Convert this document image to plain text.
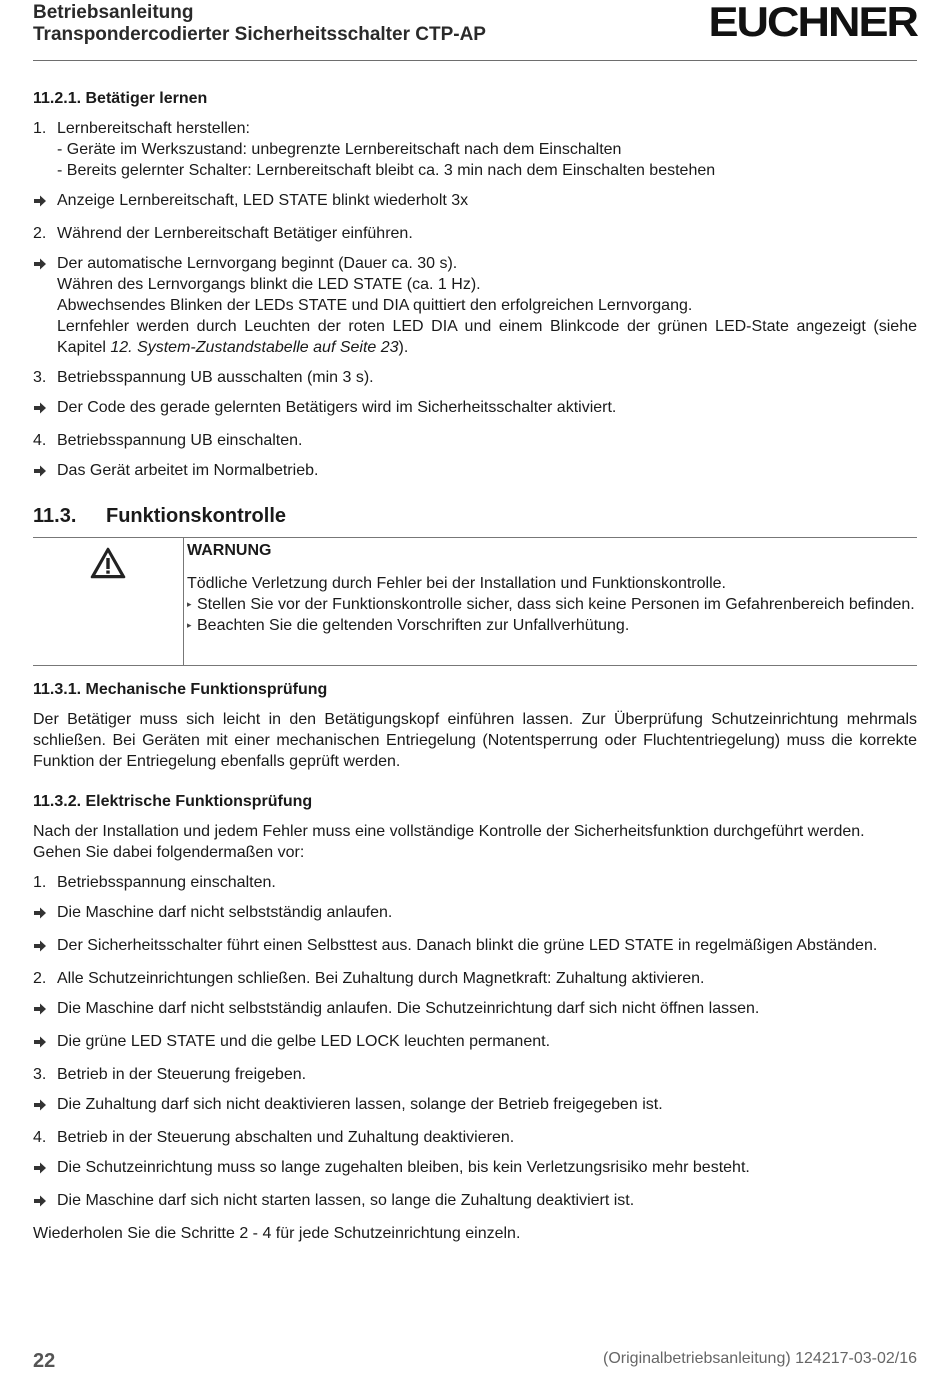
Betriebsanleitung
Transpondercodierter Sicherheitsschalter CTP-AP	EUCHNER
11.2.1. Betätiger lernen
1. Lernbereitschaft herstellen:
- Geräte im Werkszustand: unbegrenzte Lernbereitschaft nach dem Einschalten
- Bereits gelernter Schalter: Lernbereitschaft bleibt ca. 3 min nach dem Einschalten bestehen
Anzeige Lernbereitschaft, LED STATE blinkt wiederholt 3x
2. Während der Lernbereitschaft Betätiger einführen.
Der automatische Lernvorgang beginnt (Dauer ca. 30 s).
Währen des Lernvorgangs blinkt die LED STATE (ca. 1 Hz).
Abwechsendes Blinken der LEDs STATE und DIA quittiert den erfolgreichen Lernvorgang.
Lernfehler werden durch Leuchten der roten LED DIA und einem Blinkcode der grünen LED-State angezeigt (siehe Kapitel 12. System-Zustandstabelle auf Seite 23).
3. Betriebsspannung UB ausschalten (min 3 s).
Der Code des gerade gelernten Betätigers wird im Sicherheitsschalter aktiviert.
4. Betriebsspannung UB einschalten.
Das Gerät arbeitet im Normalbetrieb.
11.3. Funktionskontrolle
WARNUNG
Tödliche Verletzung durch Fehler bei der Installation und Funktionskontrolle.
▸ Stellen Sie vor der Funktionskontrolle sicher, dass sich keine Personen im Gefahrenbereich befinden.
▸ Beachten Sie die geltenden Vorschriften zur Unfallverhütung.
11.3.1. Mechanische Funktionsprüfung

Der Betätiger muss sich leicht in den Betätigungskopf einführen lassen. Zur Überprüfung Schutzeinrichtung mehrmals schließen. Bei Geräten mit einer mechanischen Entriegelung (Notentsperrung oder Fluchtentriegelung) muss die korrekte Funktion der Entriegelung ebenfalls geprüft werden.

11.3.2. Elektrische Funktionsprüfung

Nach der Installation und jedem Fehler muss eine vollständige Kontrolle der Sicherheitsfunktion durchgeführt werden. Gehen Sie dabei folgendermaßen vor:

1. Betriebsspannung einschalten.
Die Maschine darf nicht selbstständig anlaufen.
Der Sicherheitsschalter führt einen Selbsttest aus. Danach blinkt die grüne LED STATE in regelmäßigen Abständen.
2. Alle Schutzeinrichtungen schließen. Bei Zuhaltung durch Magnetkraft: Zuhaltung aktivieren.
Die Maschine darf nicht selbstständig anlaufen. Die Schutzeinrichtung darf sich nicht öffnen lassen.
Die grüne LED STATE und die gelbe LED LOCK leuchten permanent.
3. Betrieb in der Steuerung freigeben.
Die Zuhaltung darf sich nicht deaktivieren lassen, solange der Betrieb freigegeben ist.
4. Betrieb in der Steuerung abschalten und Zuhaltung deaktivieren.
Die Schutzeinrichtung muss so lange zugehalten bleiben, bis kein Verletzungsrisiko mehr besteht.
Die Maschine darf sich nicht starten lassen, so lange die Zuhaltung deaktiviert ist.

Wiederholen Sie die Schritte 2 - 4 für jede Schutzeinrichtung einzeln.

22	(Originalbetriebsanleitung) 124217-03-02/16
